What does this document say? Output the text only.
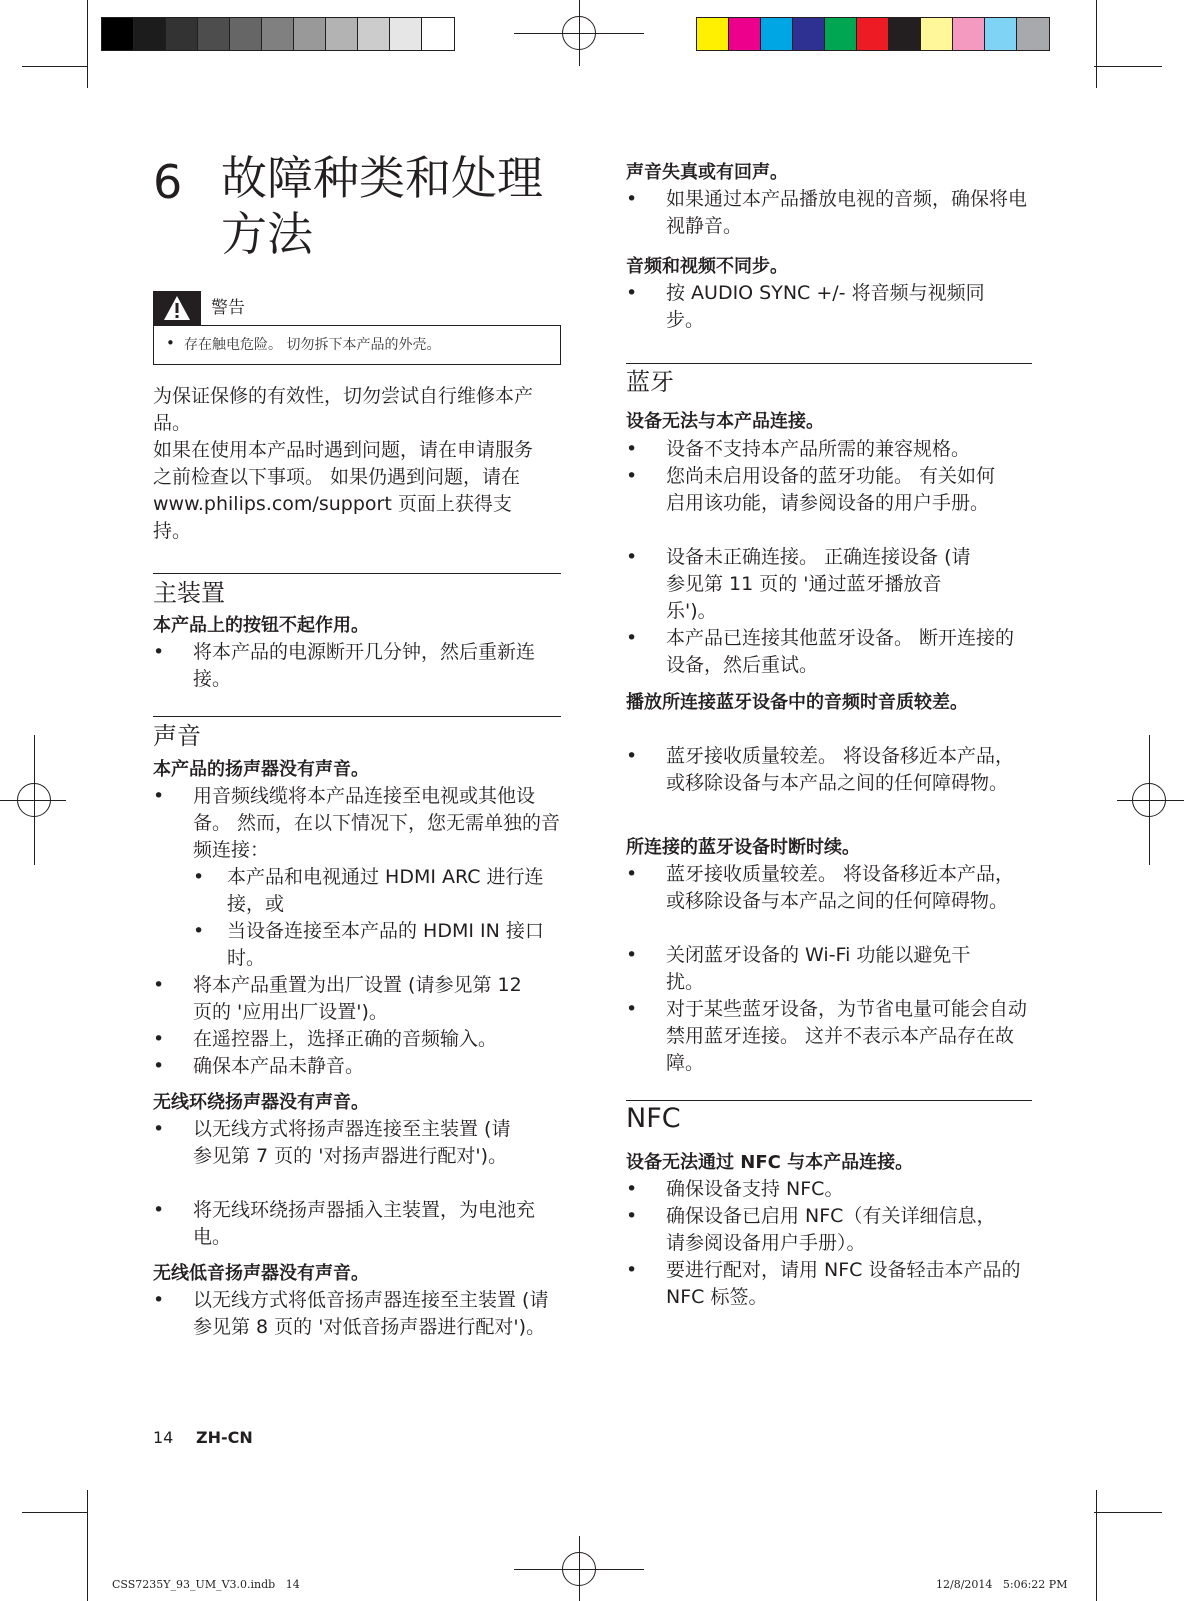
6 故障种类和处理方法
警告
• 存在触电危险。 切勿拆下本产品的外壳。
为保证保修的有效性，切勿尝试自行维修本产品。
如果在使用本产品时遇到问题，请在申请服务之前检查以下事项。 如果仍遇到问题，请在 www.philips.com/support 页面上获得支持。
主装置
本产品上的按钮不起作用。
•	将本产品的电源断开几分钟，然后重新连接。
声音
本产品的扬声器没有声音。
•	用音频线缆将本产品连接至电视或其他设备。 然而，在以下情况下，您无需单独的音频连接：
•	本产品和电视通过 HDMI ARC 进行连接，或
•	当设备连接至本产品的 HDMI IN 接口时。
•	将本产品重置为出厂设置 (请参见第 12 页的 '应用出厂设置')。
•	在遥控器上，选择正确的音频输入。
•	确保本产品未静音。
无线环绕扬声器没有声音。
•	以无线方式将扬声器连接至主装置 (请参见第 7 页的 '对扬声器进行配对')。
•	将无线环绕扬声器插入主装置，为电池充电。
无线低音扬声器没有声音。
•	以无线方式将低音扬声器连接至主装置 (请参见第 8 页的 '对低音扬声器进行配对')。
声音失真或有回声。
•	如果通过本产品播放电视的音频，确保将电视静音。
音频和视频不同步。
•	按 AUDIO SYNC +/- 将音频与视频同步。
蓝牙
设备无法与本产品连接。
•	设备不支持本产品所需的兼容规格。
•	您尚未启用设备的蓝牙功能。 有关如何启用该功能，请参阅设备的用户手册。
•	设备未正确连接。 正确连接设备 (请参见第 11 页的 '通过蓝牙播放音乐')。
•	本产品已连接其他蓝牙设备。 断开连接的设备，然后重试。
播放所连接蓝牙设备中的音频时音质较差。
•	蓝牙接收质量较差。 将设备移近本产品，或移除设备与本产品之间的任何障碍物。
所连接的蓝牙设备时断时续。
•	蓝牙接收质量较差。 将设备移近本产品，或移除设备与本产品之间的任何障碍物。
•	关闭蓝牙设备的 Wi-Fi 功能以避免干扰。
•	对于某些蓝牙设备，为节省电量可能会自动禁用蓝牙连接。 这并不表示本产品存在故障。
NFC
设备无法通过 NFC 与本产品连接。
•	确保设备支持 NFC。
•	确保设备已启用 NFC（有关详细信息，请参阅设备用户手册）。
•	要进行配对，请用 NFC 设备轻击本产品的 NFC 标签。
14 ZH-CN
CSS7235Y_93_UM_V3.0.indb   14	12/8/2014   5:06:22 PM
